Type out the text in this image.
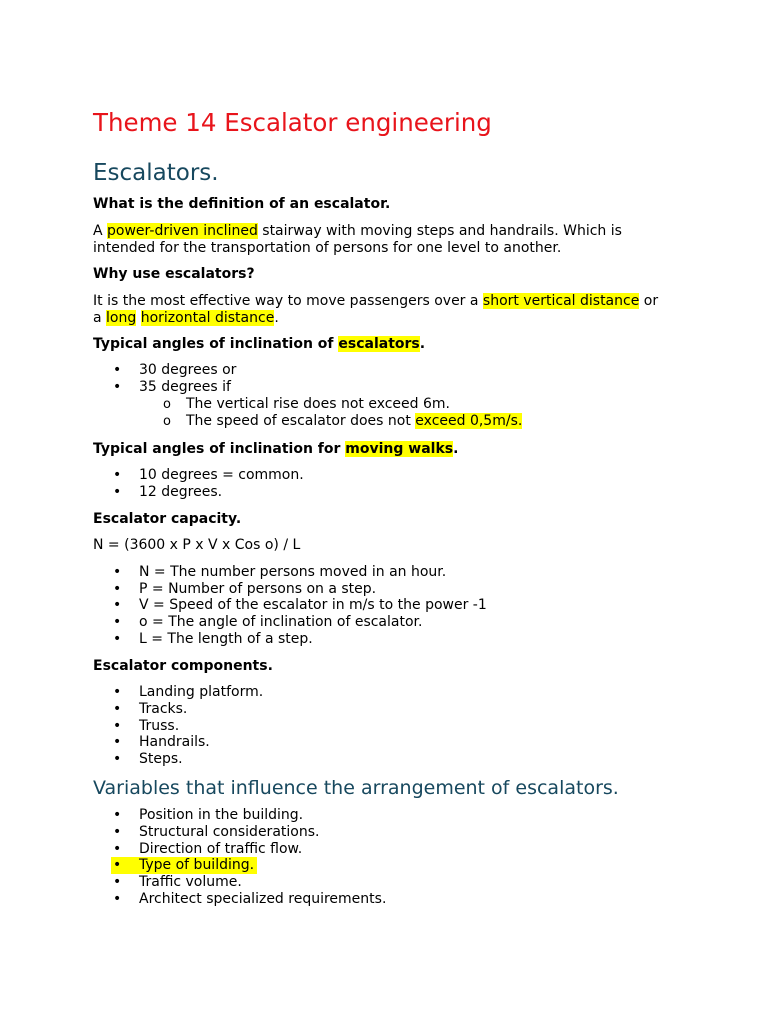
Theme 14 Escalator engineering
Escalators.
What is the definition of an escalator.
A power-driven inclined stairway with moving steps and handrails. Which is
intended for the transportation of persons for one level to another.
Why use escalators?
It is the most effective way to move passengers over a short vertical distance or
a long horizontal distance.
Typical angles of inclination of escalators.
• 30 degrees or
• 35 degrees if
o The vertical rise does not exceed 6m.
o The speed of escalator does not exceed 0,5m/s.
Typical angles of inclination for moving walks.
• 10 degrees = common.
• 12 degrees.
Escalator capacity.
N = (3600 x P x V x Cos o) / L
• N = The number persons moved in an hour.
• P = Number of persons on a step.
• V = Speed of the escalator in m/s to the power -1
• o = The angle of inclination of escalator.
• L = The length of a step.
Escalator components.
• Landing platform.
• Tracks.
• Truss.
• Handrails.
• Steps.
Variables that influence the arrangement of escalators.
• Position in the building.
• Structural considerations.
• Direction of traffic flow.
• Type of building.
• Traffic volume.
• Architect specialized requirements.
